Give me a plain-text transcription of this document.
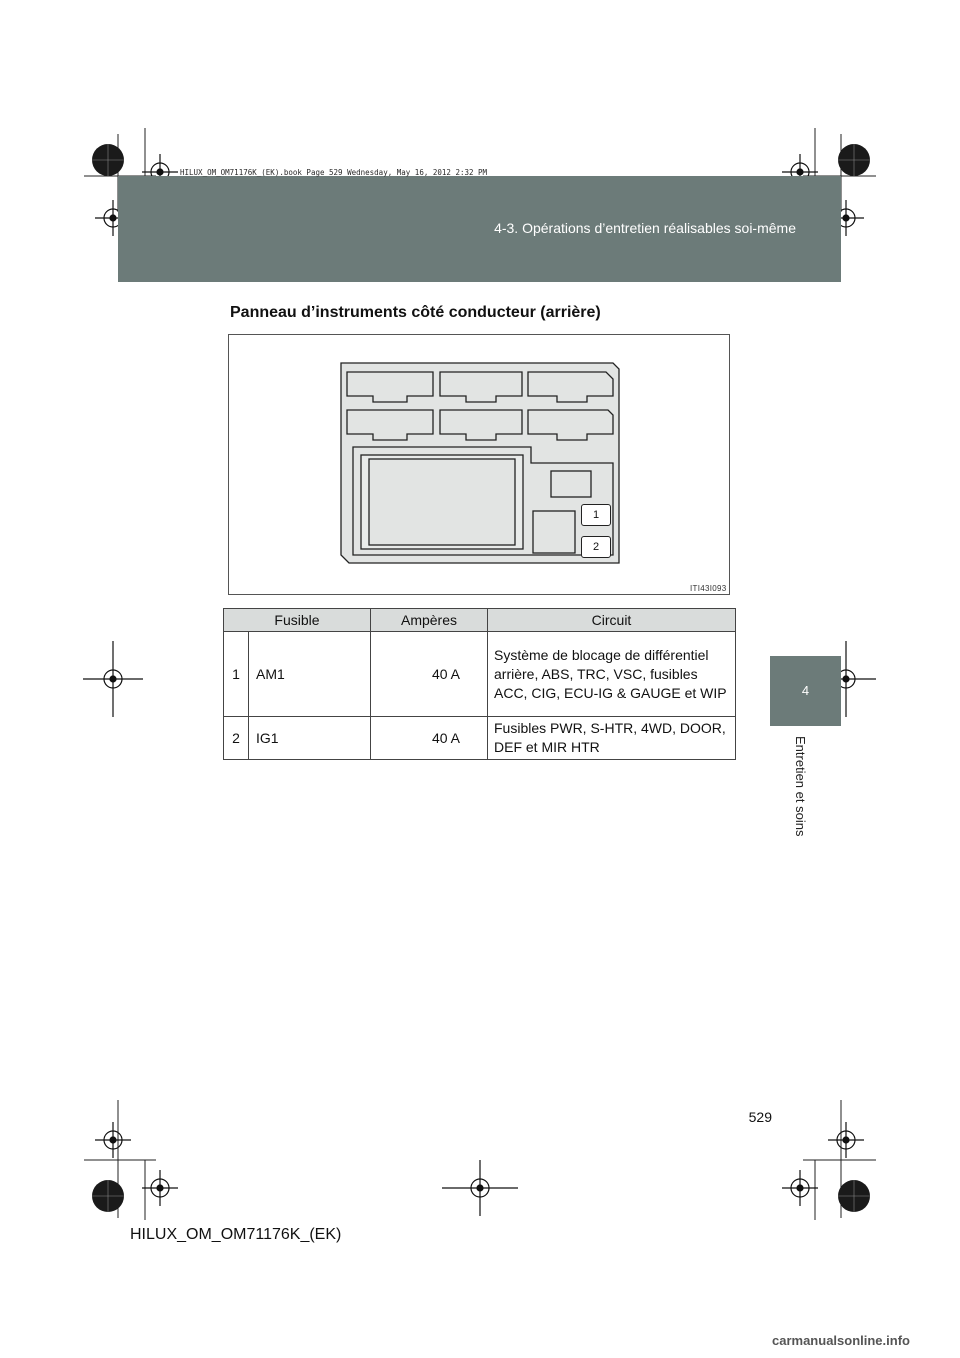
HILUX_OM_OM71176K_(EK).book Page 529 Wednesday, May 16, 2012 2:32 PM
4-3. Opérations d’entretien réalisables soi-même
4
Entretien et soins
Panneau d’instruments côté conducteur (arrière)
1
2
ITI43I093
Fusible		Ampères	Circuit
1	AM1	40 A	Système de blocage de différentiel arrière, ABS, TRC, VSC, fusibles ACC, CIG, ECU-IG & GAUGE et WIP
2	IG1	40 A	Fusibles PWR, S-HTR, 4WD, DOOR, DEF et MIR HTR
529
HILUX_OM_OM71176K_(EK)
carmanualsonline.info
